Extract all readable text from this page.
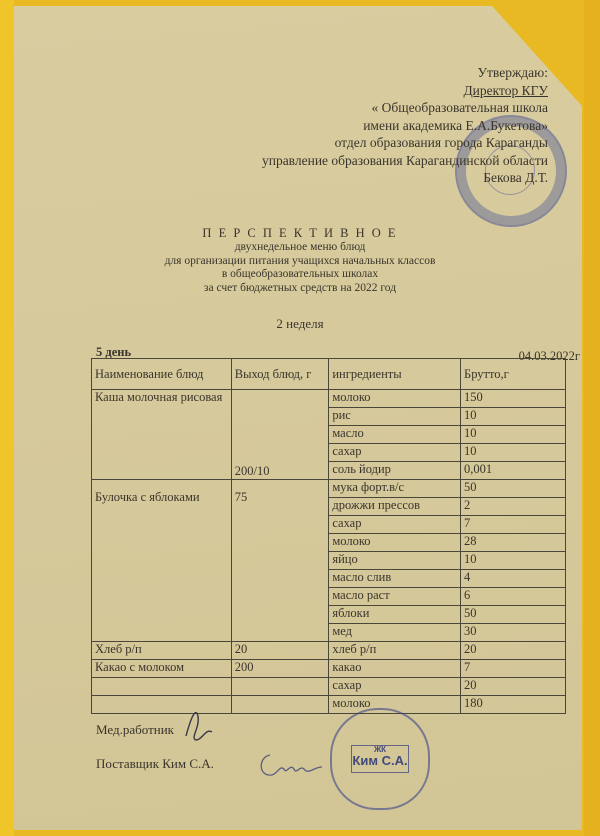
Утверждаю:
Директор КГУ
« Общеобразовательная школа
имени академика Е.А.Букетова»
отдел образования города Караганды
управление образования Карагандинской области
Бекова Д.Т.
П Е Р С П Е К Т И В Н О Е
двухнедельное меню блюд
для организации питания учащихся начальных классов
в общеобразовательных школах
за счет бюджетных средств на 2022 год
2 неделя
5 день	04.03.2022г
Наименование блюд	Выход блюд, г	ингредиенты	Брутто,г
Каша молочная рисовая	200/10	молоко	150
		рис	10
		масло	10
		сахар	10
		соль йодир	0,001

Булочка с яблоками	75	мука форт.в/с	50
		дрожжи прессов	2
		сахар	7
		молоко	28
		яйцо	10
		масло слив	4
		масло раст	6
		яблоки	50
		мед	30
Хлеб р/п	20	хлеб р/п	20
Какао с молоком	200	какао	7
		сахар	20
		молоко	180
Мед.работник
Поставщик Ким С.А.
ЖК
Ким С.А.
